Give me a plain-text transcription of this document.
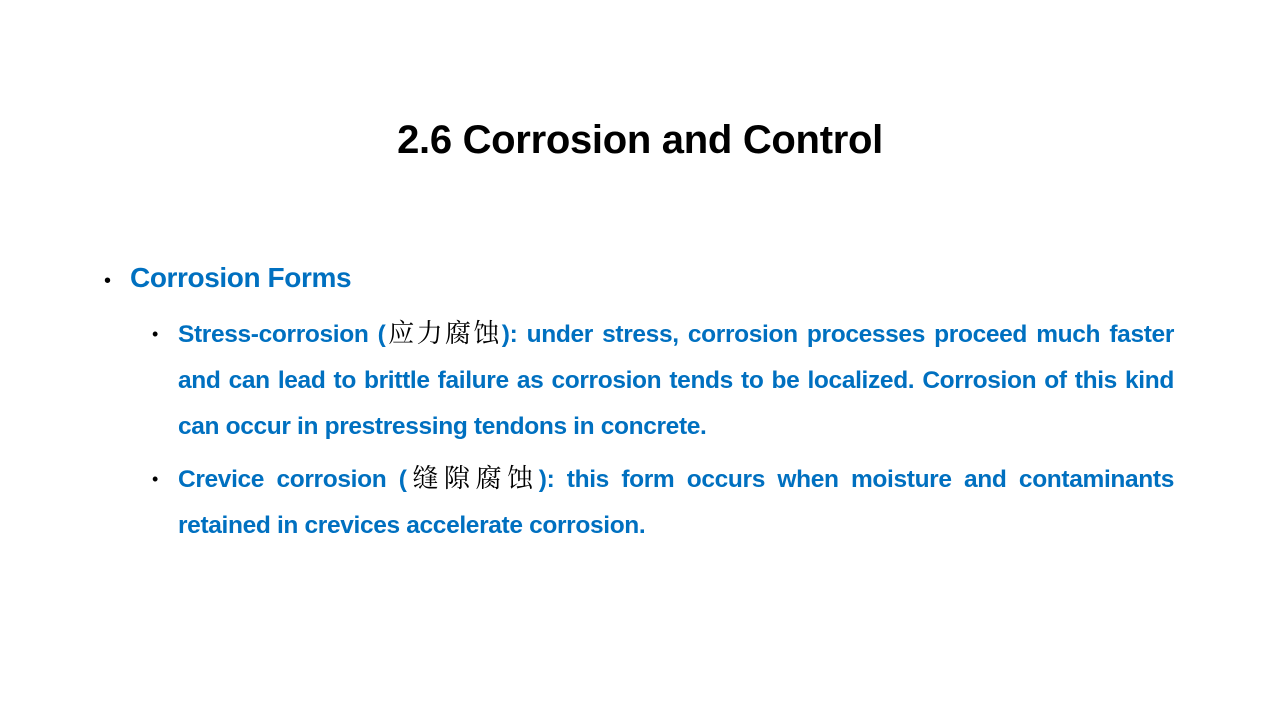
2.6 Corrosion and Control
• Corrosion Forms
• Stress-corrosion (应力腐蚀): under stress, corrosion processes proceed much faster and can lead to brittle failure as corrosion tends to be localized. Corrosion of this kind can occur in prestressing tendons in concrete.
• Crevice corrosion (缝隙腐蚀): this form occurs when moisture and contaminants retained in crevices accelerate corrosion.
